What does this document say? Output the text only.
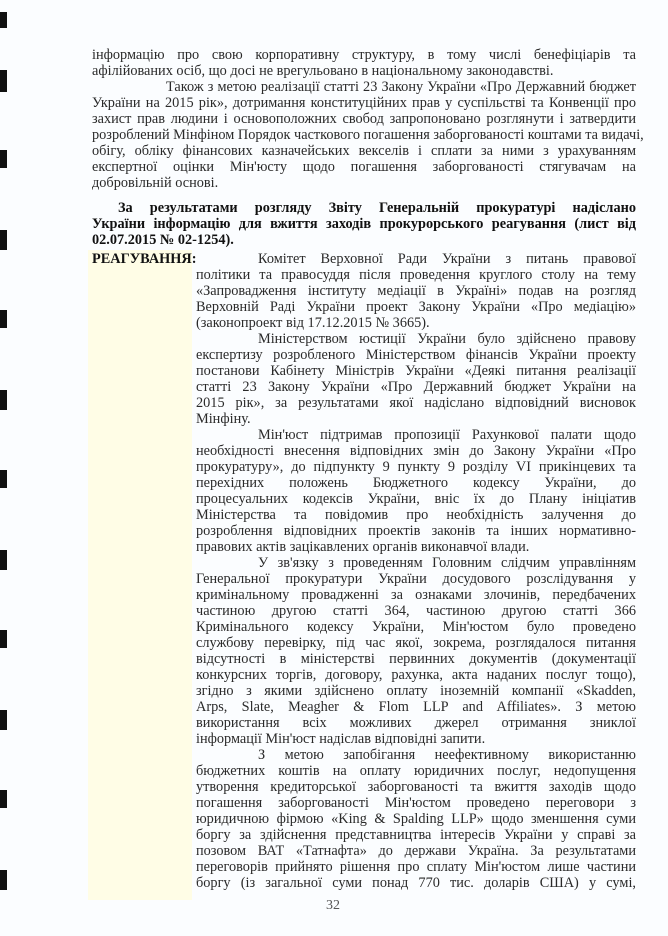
інформацію про свою корпоративну структуру, в тому числі бенефіціарів та
афілійованих осіб, що досі не врегульовано в національному законодавстві.
Також з метою реалізації статті 23 Закону України «Про Державний бюджет
України на 2015 рік», дотримання конституційних прав у суспільстві та Конвенції про
захист прав людини і основоположних свобод запропоновано розглянути і затвердити
розроблений Мінфіном Порядок часткового погашення заборгованості коштами та видачі,
обігу, обліку фінансових казначейських векселів і сплати за ними з урахуванням
експертної оцінки Мін'юсту щодо погашення заборгованості стягувачам на
добровільній основі.
За результатами розгляду Звіту Генеральній прокуратурі надіслано
України інформацію для вжиття заходів прокурорського реагування (лист від
02.07.2015 № 02-1254).
РЕАГУВАННЯ:	Комітет Верховної Ради України з питань правової
політики та правосуддя після проведення круглого столу на тему
«Запровадження інституту медіації в Україні» подав на розгляд
Верховній Раді України проект Закону України «Про медіацію»
(законопроект від 17.12.2015 № 3665).
Міністерством юстиції України було здійснено правову
експертизу розробленого Міністерством фінансів України проекту
постанови Кабінету Міністрів України «Деякі питання реалізації
статті 23 Закону України «Про Державний бюджет України на
2015 рік», за результатами якої надіслано відповідний висновок
Мінфіну.
Мін'юст підтримав пропозиції Рахункової палати щодо
необхідності внесення відповідних змін до Закону України «Про
прокуратуру», до підпункту 9 пункту 9 розділу VI прикінцевих та
перехідних положень Бюджетного кодексу України, до
процесуальних кодексів України, вніс їх до Плану ініціатив
Міністерства та повідомив про необхідність залучення до
розроблення відповідних проектів законів та інших нормативно-
правових актів зацікавлених органів виконавчої влади.
У зв'язку з проведенням Головним слідчим управлінням
Генеральної прокуратури України досудового розслідування у
кримінальному провадженні за ознаками злочинів, передбачених
частиною другою статті 364, частиною другою статті 366
Кримінального кодексу України, Мін'юстом було проведено
службову перевірку, під час якої, зокрема, розглядалося питання
відсутності в міністерстві первинних документів (документації
конкурсних торгів, договору, рахунка, акта наданих послуг тощо),
згідно з якими здійснено оплату іноземній компанії «Skadden,
Arps, Slate, Meagher & Flom LLP and Affiliates». З метою
використання всіх можливих джерел отримання зниклої
інформації Мін'юст надіслав відповідні запити.
З метою запобігання неефективному використанню
бюджетних коштів на оплату юридичних послуг, недопущення
утворення кредиторської заборгованості та вжиття заходів щодо
погашення заборгованості Мін'юстом проведено переговори з
юридичною фірмою «King & Spalding LLP» щодо зменшення суми
боргу за здійснення представництва інтересів України у справі за
позовом ВАТ «Татнафта» до держави Україна. За результатами
переговорів прийнято рішення про сплату Мін'юстом лише частини
боргу (із загальної суми понад 770 тис. доларів США) у сумі,
32
